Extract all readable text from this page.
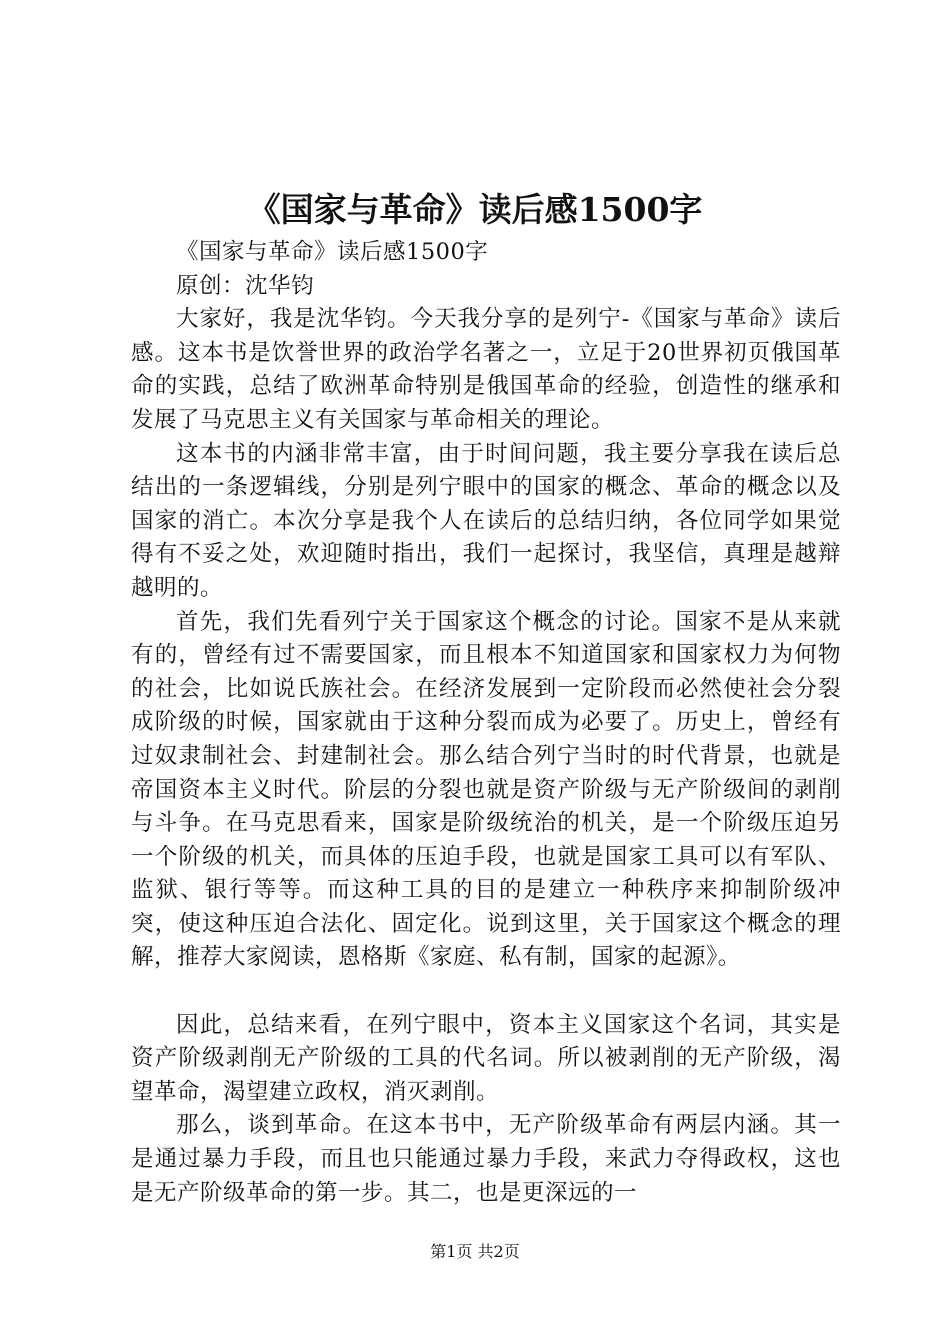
《国家与革命》读后感1500字

《国家与革命》读后感1500字

原创：沈华钧

大家好，我是沈华钧。今天我分享的是列宁-《国家与革命》读后感。这本书是饮誉世界的政治学名著之一，立足于20世界初页俄国革命的实践，总结了欧洲革命特别是俄国革命的经验，创造性的继承和发展了马克思主义有关国家与革命相关的理论。

这本书的内涵非常丰富，由于时间问题，我主要分享我在读后总结出的一条逻辑线，分别是列宁眼中的国家的概念、革命的概念以及国家的消亡。本次分享是我个人在读后的总结归纳，各位同学如果觉得有不妥之处，欢迎随时指出，我们一起探讨，我坚信，真理是越辩越明的。

首先，我们先看列宁关于国家这个概念的讨论。国家不是从来就有的，曾经有过不需要国家，而且根本不知道国家和国家权力为何物的社会，比如说氏族社会。在经济发展到一定阶段而必然使社会分裂成阶级的时候，国家就由于这种分裂而成为必要了。历史上，曾经有过奴隶制社会、封建制社会。那么结合列宁当时的时代背景，也就是帝国资本主义时代。阶层的分裂也就是资产阶级与无产阶级间的剥削与斗争。在马克思看来，国家是阶级统治的机关，是一个阶级压迫另一个阶级的机关，而具体的压迫手段，也就是国家工具可以有军队、监狱、银行等等。而这种工具的目的是建立一种秩序来抑制阶级冲突，使这种压迫合法化、固定化。说到这里，关于国家这个概念的理解，推荐大家阅读，恩格斯《家庭、私有制，国家的起源》。

因此，总结来看，在列宁眼中，资本主义国家这个名词，其实是资产阶级剥削无产阶级的工具的代名词。所以被剥削的无产阶级，渴望革命，渴望建立政权，消灭剥削。

那么，谈到革命。在这本书中，无产阶级革命有两层内涵。其一是通过暴力手段，而且也只能通过暴力手段，来武力夺得政权，这也是无产阶级革命的第一步。其二，也是更深远的一

第1页 共2页
